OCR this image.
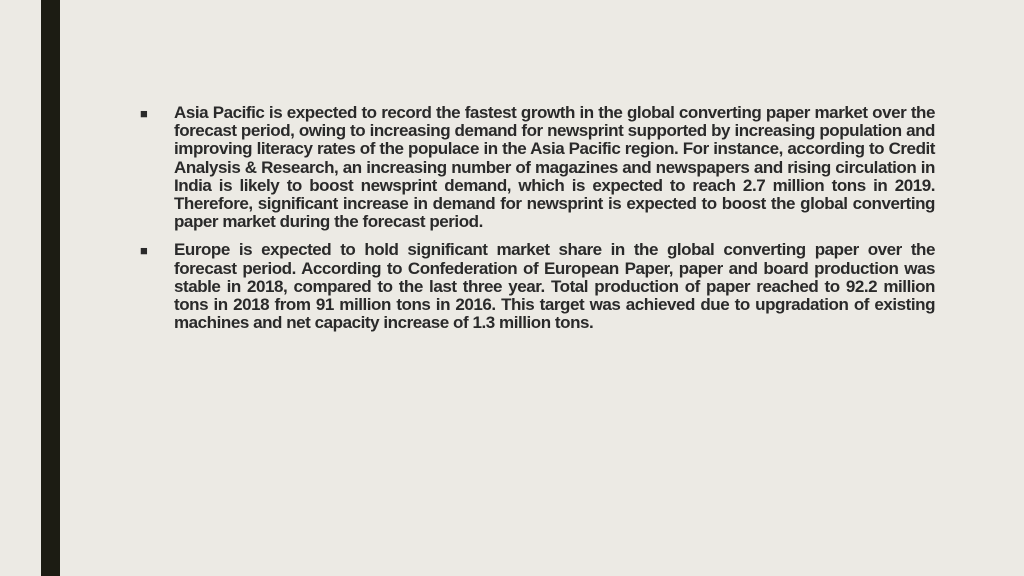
■	Asia Pacific is expected to record the fastest growth in the global converting paper market over the forecast period, owing to increasing demand for newsprint supported by increasing population and improving literacy rates of the populace in the Asia Pacific region. For instance, according to Credit Analysis & Research, an increasing number of magazines and newspapers and rising circulation in India is likely to boost newsprint demand, which is expected to reach 2.7 million tons in 2019. Therefore, significant increase in demand for newsprint is expected to boost the global converting paper market during the forecast period.
■	Europe is expected to hold significant market share in the global converting paper over the forecast period. According to Confederation of European Paper, paper and board production was stable in 2018, compared to the last three year. Total production of paper reached to 92.2 million tons in 2018 from 91 million tons in 2016. This target was achieved due to upgradation of existing machines and net capacity increase of 1.3 million tons.
